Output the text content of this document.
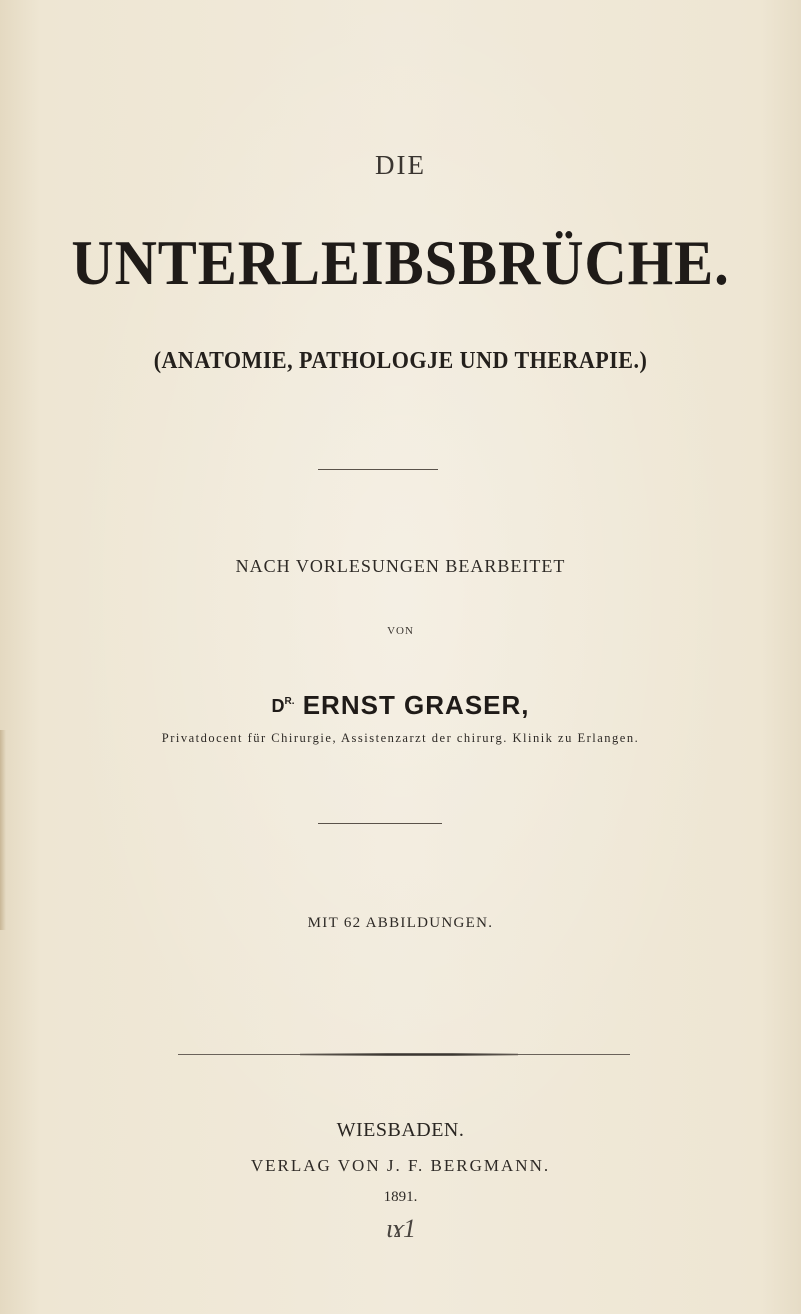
DIE
UNTERLEIBSBRÜCHE.
(ANATOMIE, PATHOLOGJE UND THERAPIE.)
NACH VORLESUNGEN BEARBEITET
VON
$D^{R.}$ ERNST GRASER,
Privatdocent für Chirurgie, Assistenzarzt der chirurg. Klinik zu Erlangen.
MIT 62 ABBILDUNGEN.
WIESBADEN.
VERLAG VON J. F. BERGMANN.
1891.
ɩɤ1
